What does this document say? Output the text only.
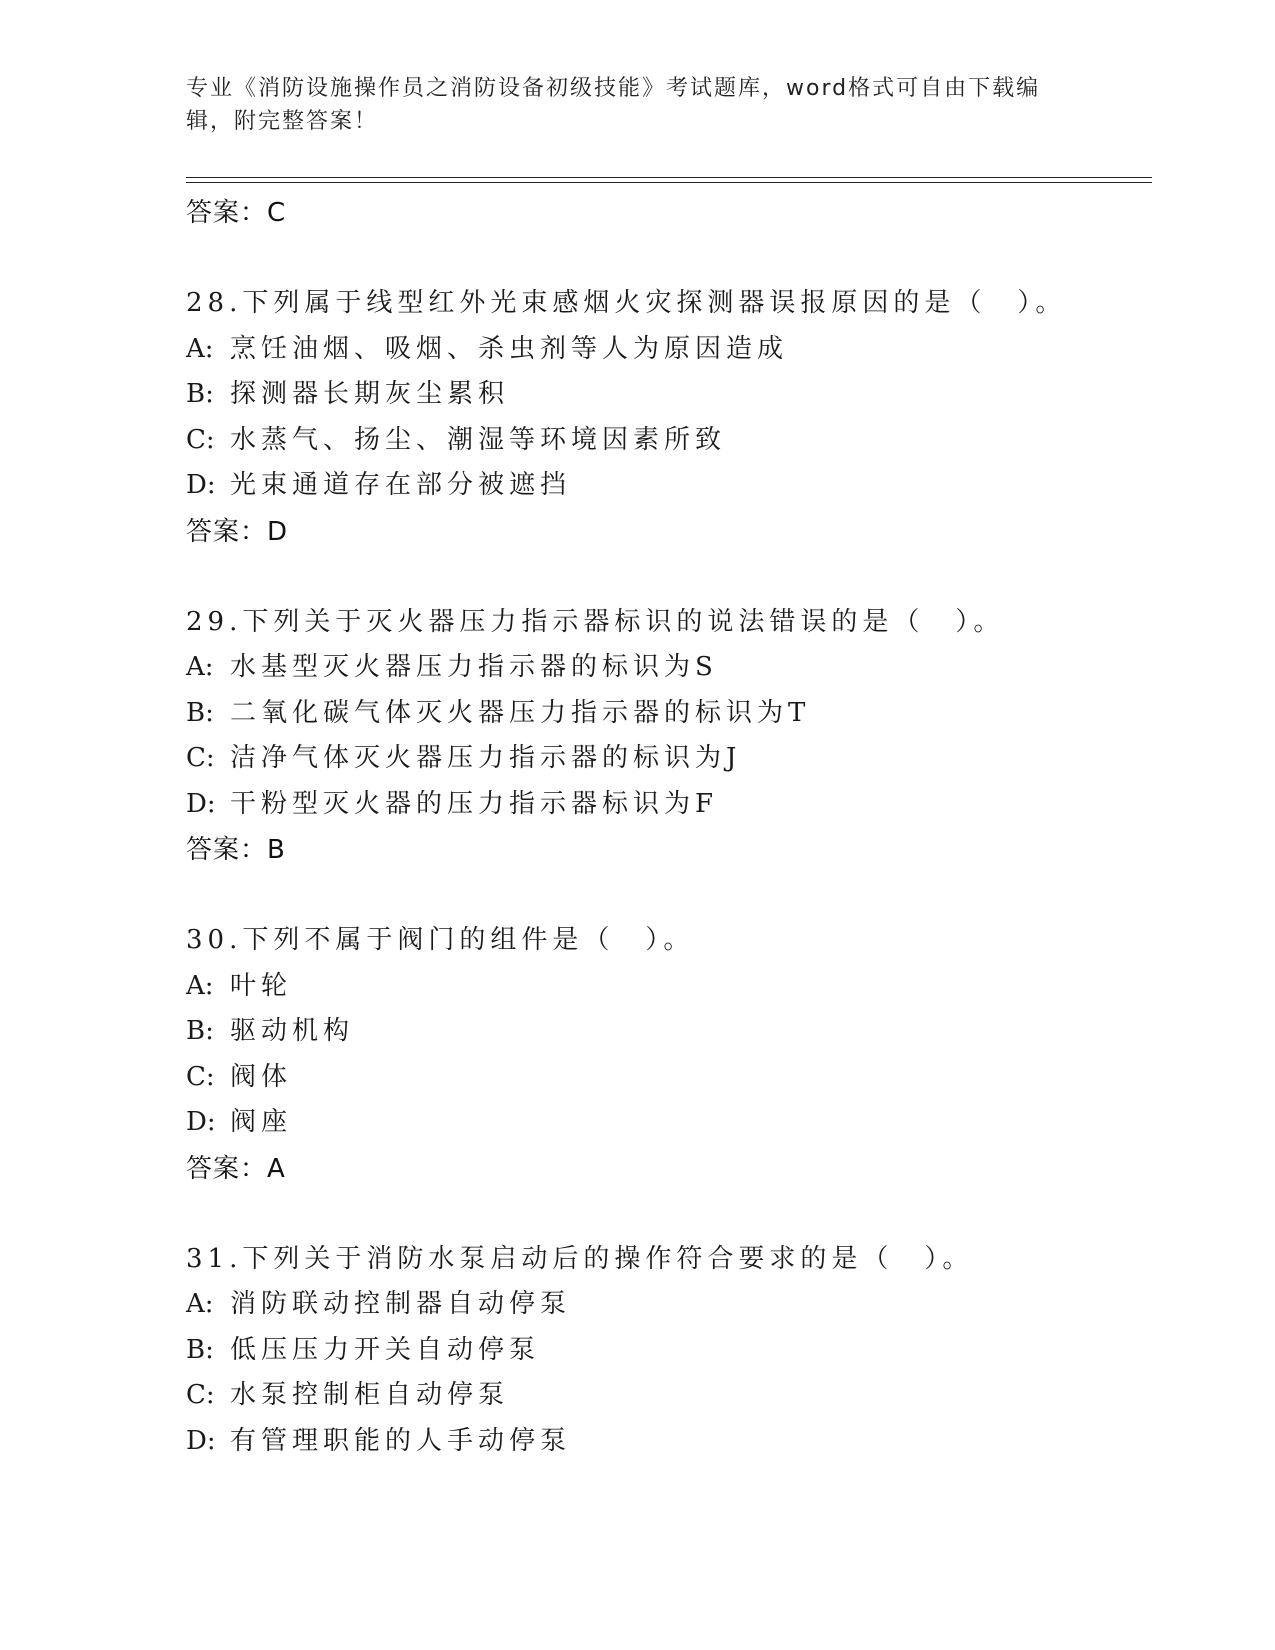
专业《消防设施操作员之消防设备初级技能》考试题库，word格式可自由下载编辑，附完整答案！
答案：C
28.下列属于线型红外光束感烟火灾探测器误报原因的是（　）。
A: 烹饪油烟、吸烟、杀虫剂等人为原因造成
B: 探测器长期灰尘累积
C: 水蒸气、扬尘、潮湿等环境因素所致
D: 光束通道存在部分被遮挡
答案：D
29.下列关于灭火器压力指示器标识的说法错误的是（　）。
A: 水基型灭火器压力指示器的标识为S
B: 二氧化碳气体灭火器压力指示器的标识为T
C: 洁净气体灭火器压力指示器的标识为J
D: 干粉型灭火器的压力指示器标识为F
答案：B
30.下列不属于阀门的组件是（　）。
A: 叶轮
B: 驱动机构
C: 阀体
D: 阀座
答案：A
31.下列关于消防水泵启动后的操作符合要求的是（　）。
A: 消防联动控制器自动停泵
B: 低压压力开关自动停泵
C: 水泵控制柜自动停泵
D: 有管理职能的人手动停泵
